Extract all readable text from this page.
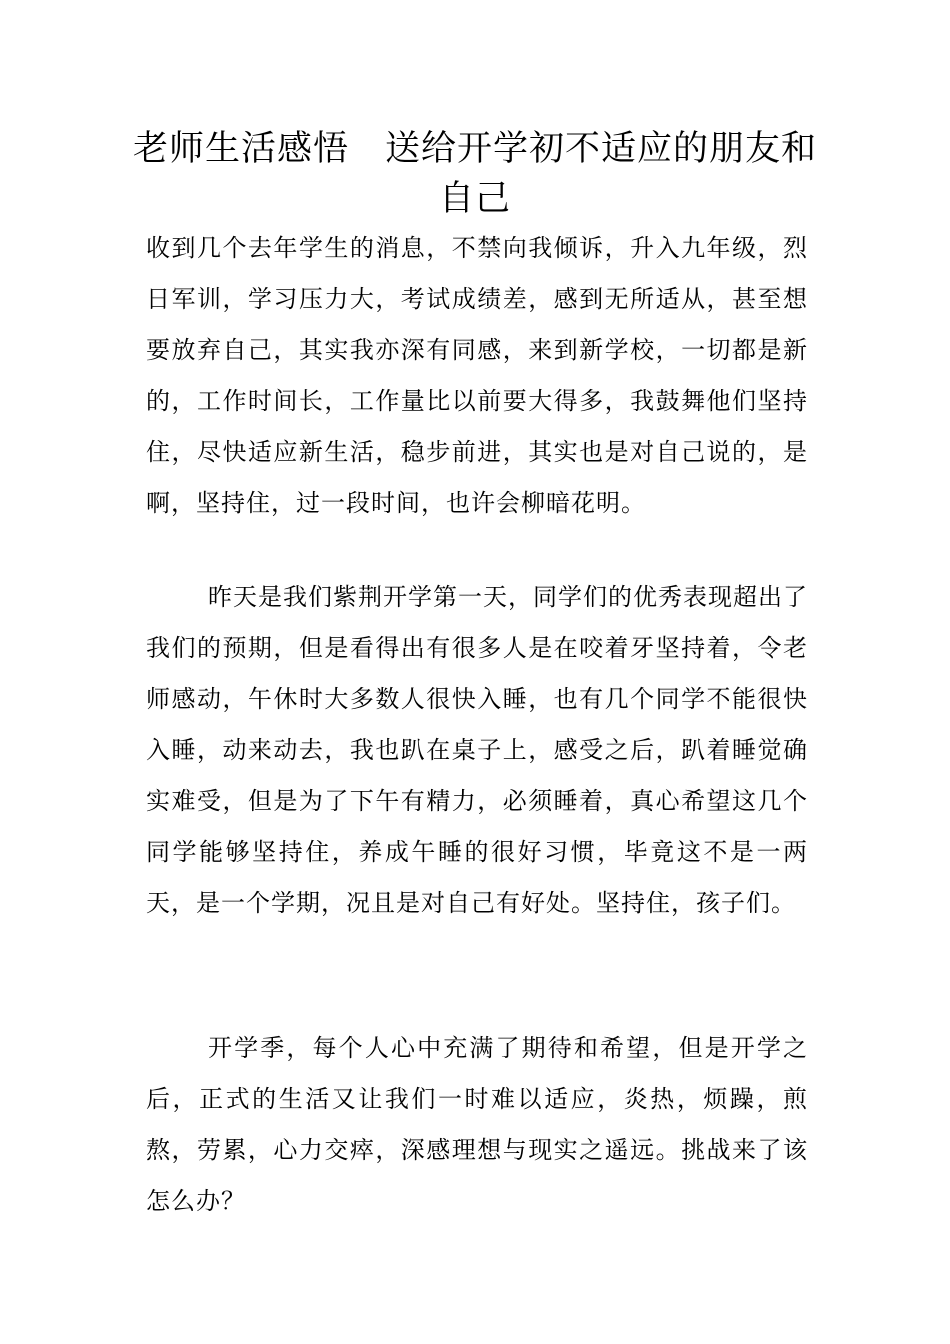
老师生活感悟　送给开学初不适应的朋友和自己

收到几个去年学生的消息，不禁向我倾诉，升入九年级，烈日军训，学习压力大，考试成绩差，感到无所适从，甚至想要放弃自己，其实我亦深有同感，来到新学校，一切都是新的，工作时间长，工作量比以前要大得多，我鼓舞他们坚持住，尽快适应新生活，稳步前进，其实也是对自己说的，是啊，坚持住，过一段时间，也许会柳暗花明。

昨天是我们紫荆开学第一天，同学们的优秀表现超出了我们的预期，但是看得出有很多人是在咬着牙坚持着，令老师感动，午休时大多数人很快入睡，也有几个同学不能很快入睡，动来动去，我也趴在桌子上，感受之后，趴着睡觉确实难受，但是为了下午有精力，必须睡着，真心希望这几个同学能够坚持住，养成午睡的很好习惯，毕竟这不是一两天，是一个学期，况且是对自己有好处。坚持住，孩子们。

开学季，每个人心中充满了期待和希望，但是开学之后，正式的生活又让我们一时难以适应，炎热，烦躁，煎熬，劳累，心力交瘁，深感理想与现实之遥远。挑战来了该怎么办？
